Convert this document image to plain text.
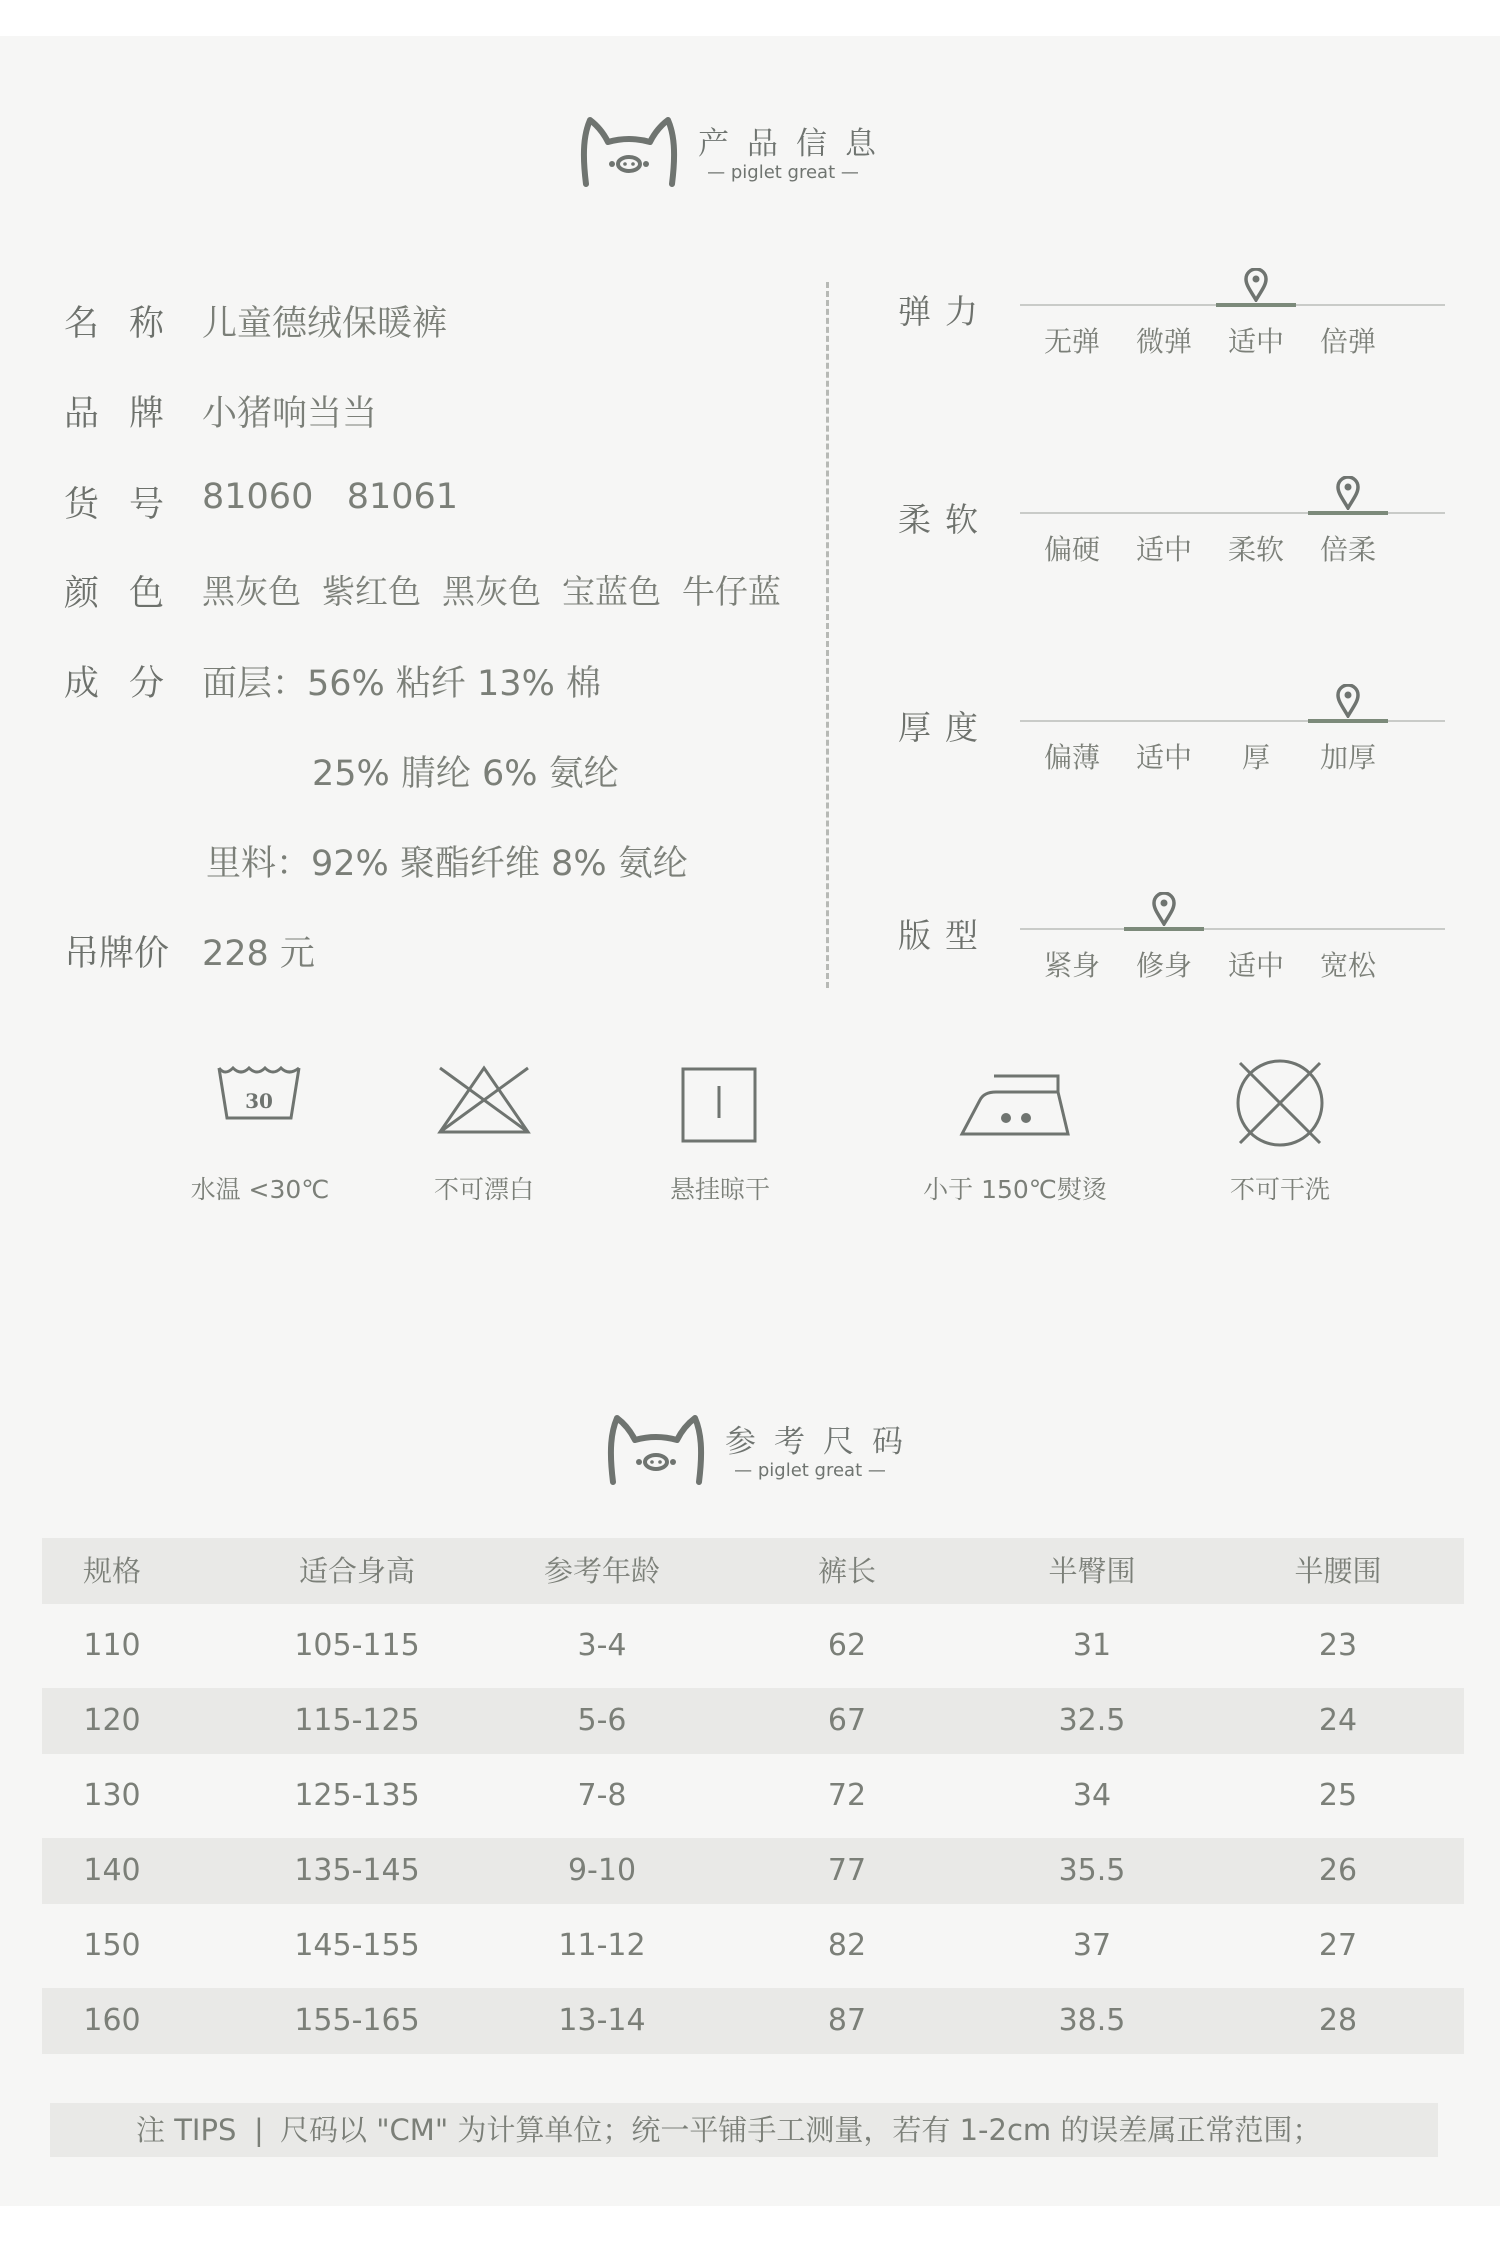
产品信息
— piglet great —
名称 儿童德绒保暖裤
品牌 小猪响当当
货号 81060   81061
颜色 黑灰色  紫红色  黑灰色  宝蓝色  牛仔蓝
成分 面层：56% 粘纤 13% 棉
25% 腈纶 6% 氨纶
里料：92% 聚酯纤维 8% 氨纶
吊牌价 228 元
弹力
无弹	微弹	适中	倍弹
柔软
偏硬	适中	柔软	倍柔
厚度
偏薄	适中	厚	加厚
版型
紧身	修身	适中	宽松
30
水温 <30℃	不可漂白	悬挂晾干	小于 150℃熨烫	不可干洗
参考尺码
— piglet great —
规格	适合身高	参考年龄	裤长	半臀围	半腰围
110	105-115	3-4	62	31	23
120	115-125	5-6	67	32.5	24
130	125-135	7-8	72	34	25
140	135-145	9-10	77	35.5	26
150	145-155	11-12	82	37	27
160	155-165	13-14	87	38.5	28
注 TIPS | 尺码以 "CM" 为计算单位；统一平铺手工测量，若有 1-2cm 的误差属正常范围；
